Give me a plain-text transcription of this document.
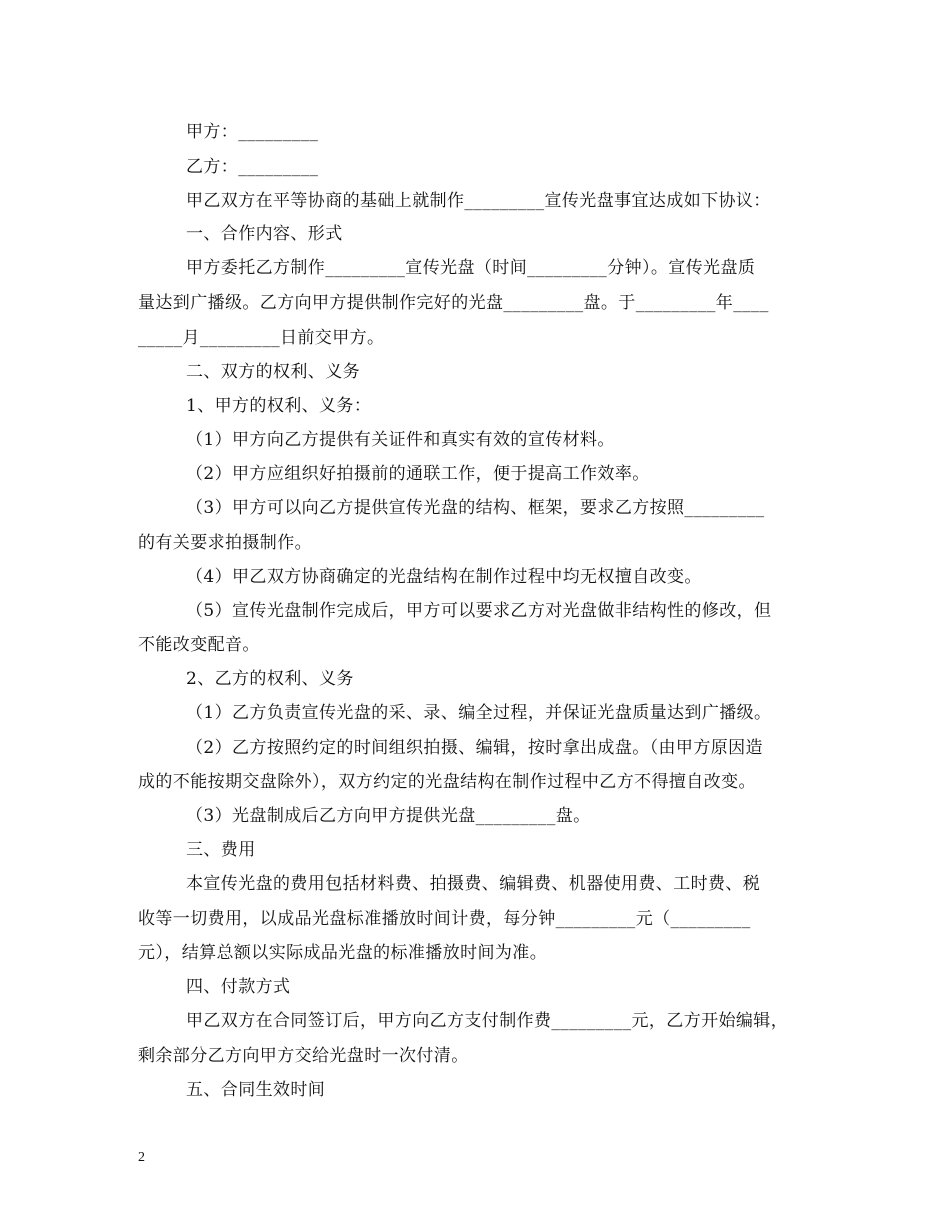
甲方：_________
乙方：_________
甲乙双方在平等协商的基础上就制作_________宣传光盘事宜达成如下协议：
一、合作内容、形式
甲方委托乙方制作_________宣传光盘（时间_________分钟）。宣传光盘质
量达到广播级。乙方向甲方提供制作完好的光盘_________盘。于_________年____
_____月_________日前交甲方。
二、双方的权利、义务
1、甲方的权利、义务：
（1）甲方向乙方提供有关证件和真实有效的宣传材料。
（2）甲方应组织好拍摄前的通联工作，便于提高工作效率。
（3）甲方可以向乙方提供宣传光盘的结构、框架，要求乙方按照_________
的有关要求拍摄制作。
（4）甲乙双方协商确定的光盘结构在制作过程中均无权擅自改变。
（5）宣传光盘制作完成后，甲方可以要求乙方对光盘做非结构性的修改，但
不能改变配音。
2、乙方的权利、义务
（1）乙方负责宣传光盘的采、录、编全过程，并保证光盘质量达到广播级。
（2）乙方按照约定的时间组织拍摄、编辑，按时拿出成盘。（由甲方原因造
成的不能按期交盘除外），双方约定的光盘结构在制作过程中乙方不得擅自改变。
（3）光盘制成后乙方向甲方提供光盘_________盘。
三、费用
本宣传光盘的费用包括材料费、拍摄费、编辑费、机器使用费、工时费、税
收等一切费用，以成品光盘标准播放时间计费，每分钟_________元（_________
元），结算总额以实际成品光盘的标准播放时间为准。
四、付款方式
甲乙双方在合同签订后，甲方向乙方支付制作费_________元，乙方开始编辑，
剩余部分乙方向甲方交给光盘时一次付清。
五、合同生效时间
2
